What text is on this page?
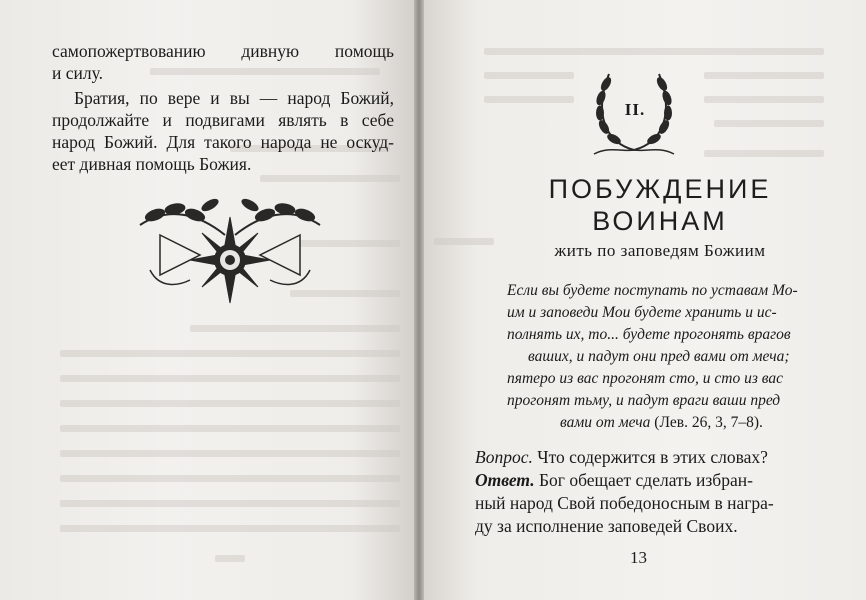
самопожертвованию дивную помощь

и силу.

Братия, по вере и вы — народ Божий,

продолжайте и подвигами являть в себе

народ Божий. Для такого народа не оскуд-

еет дивная помощь Божия.

II.
ПОБУЖДЕНИЕ
ВОИНАМ
жить по заповедям Божиим
Если вы будете поступать по уставам Мо-
им и заповеди Мои будете хранить и ис-
полнять их, то... будете прогонять врагов
ваших, и падут они пред вами от меча;
пятеро из вас прогонят сто, и сто из вас
прогонят тьму, и падут враги ваши пред
вами от меча (Лев. 26, 3, 7–8).
Вопрос. Что содержится в этих словах?
Ответ. Бог обещает сделать избран-
ный народ Свой победоносным в награ-
ду за исполнение заповедей Своих.
13
